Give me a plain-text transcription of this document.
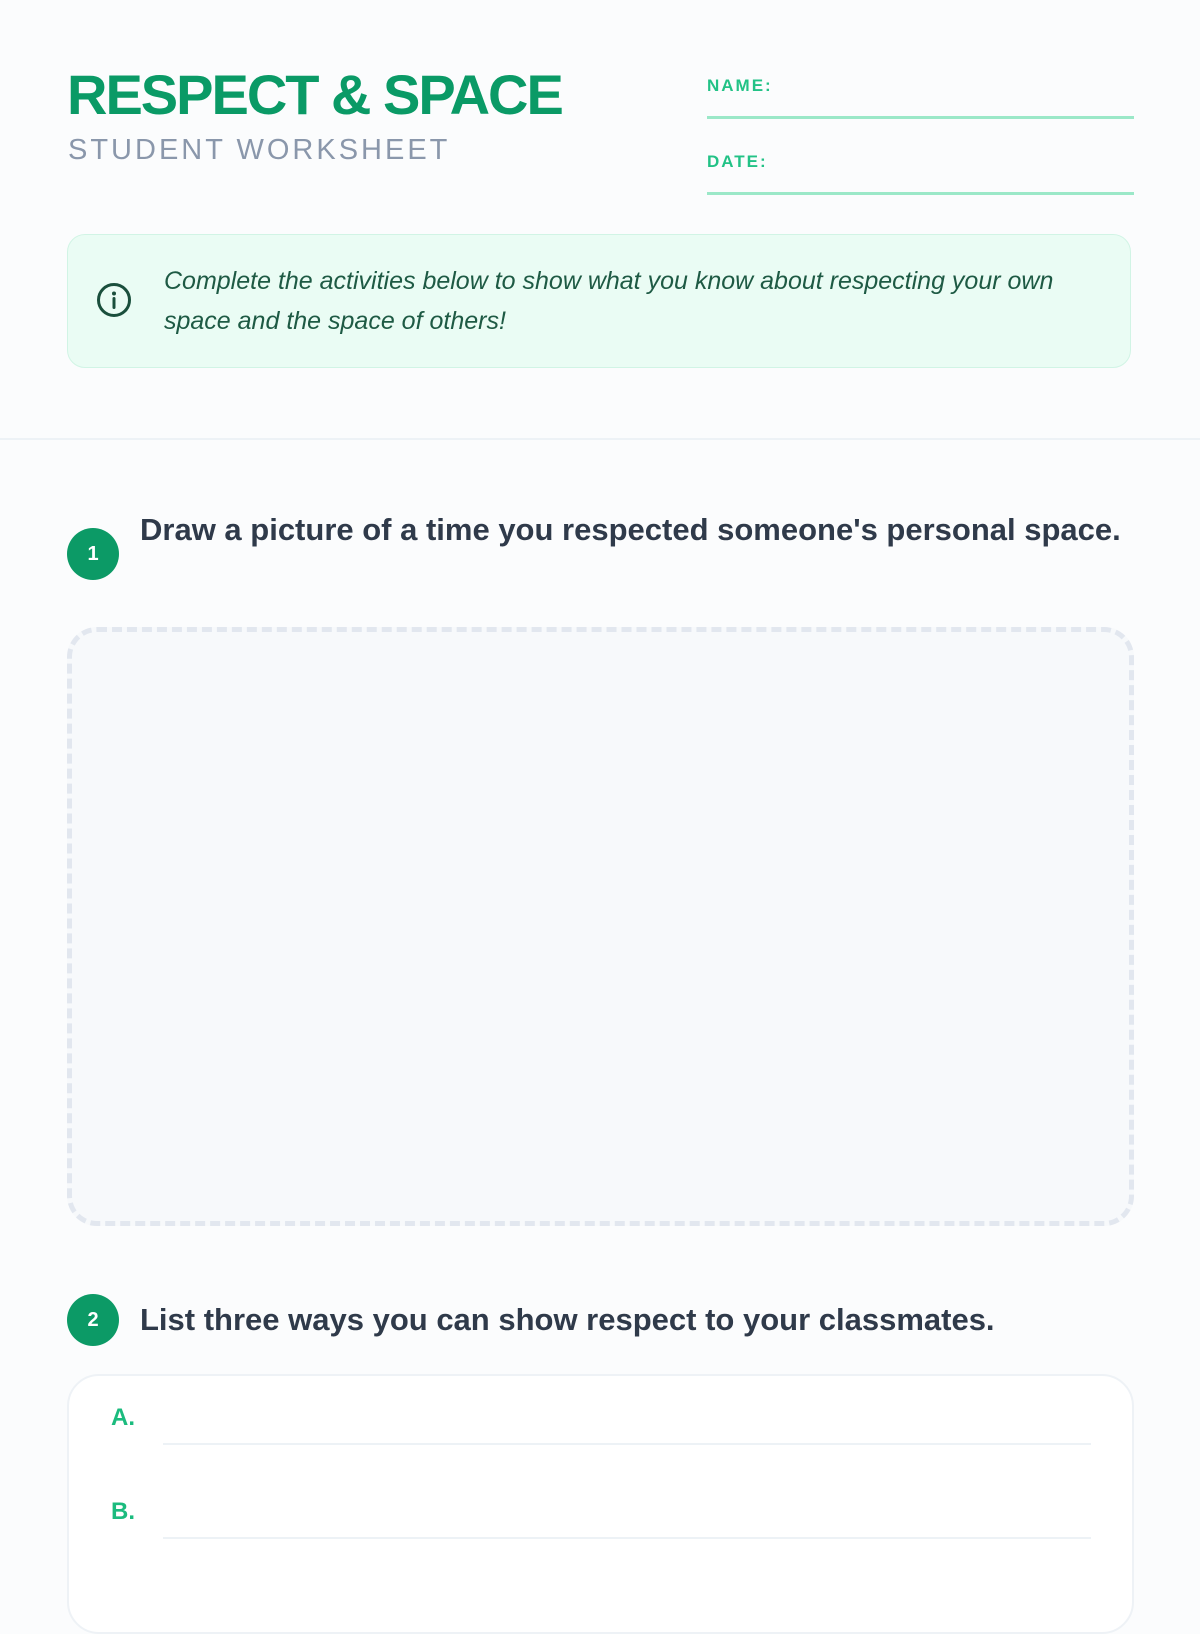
RESPECT & SPACE
STUDENT WORKSHEET
NAME:
DATE:
Complete the activities below to show what you know about respecting your own space and the space of others!
1
Draw a picture of a time you respected someone's personal space.
2	List three ways you can show respect to your classmates.
A.
B.
